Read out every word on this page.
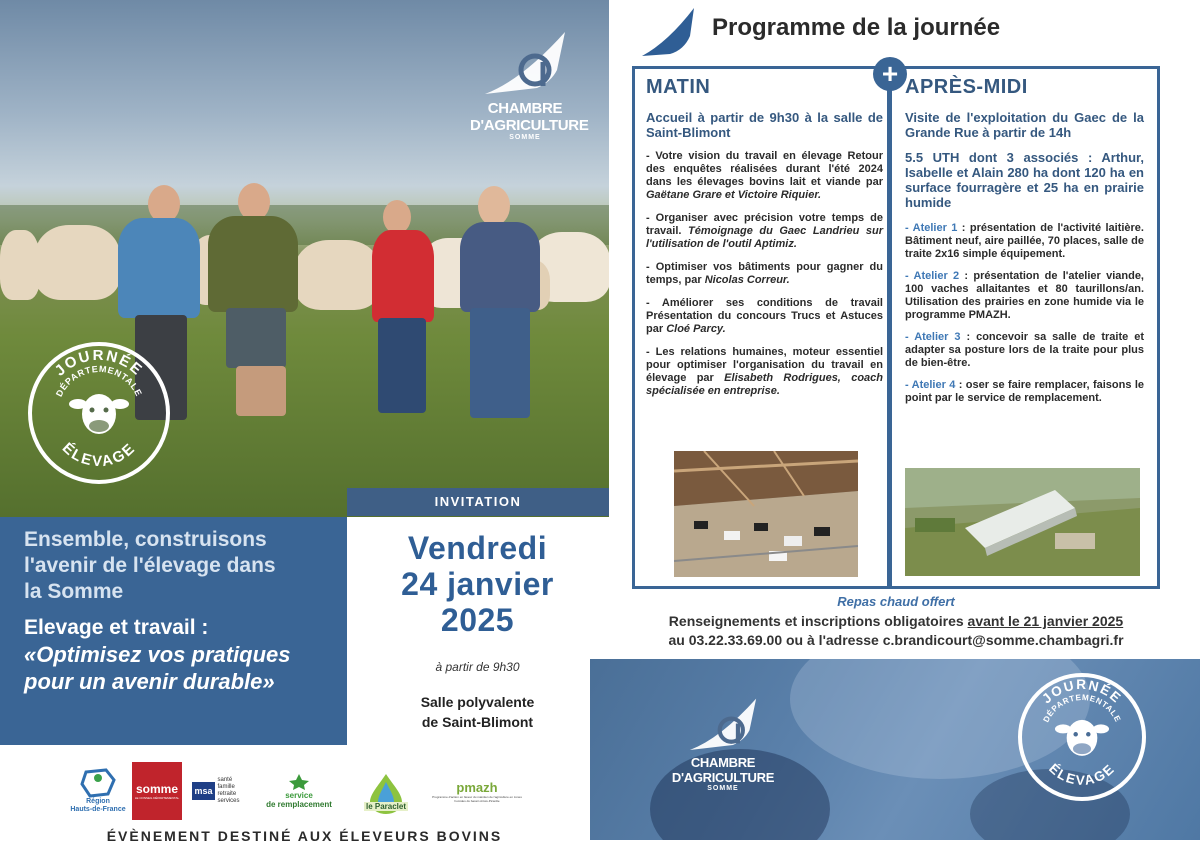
CHAMBRE
D'AGRICULTURE
SOMME
JOURNÉE
DÉPARTEMENTALE
ÉLEVAGE
INVITATION
Ensemble, construisons
l'avenir de l'élevage dans
la Somme
Elevage et travail :
«Optimisez vos pratiques
pour un avenir durable»
Vendredi
24 janvier
2025
à partir de 9h30
Salle polyvalente
de Saint-Blimont
Région
Hauts-de-France
somme
LE CONSEIL DÉPARTEMENTAL
msa
santé famille retraite services
service
de remplacement	le Paraclet
pmazh
Programme d'action en faveur du maintien de l'agriculture en zones humides du bassin Artois-Picardie
ÉVÈNEMENT DESTINÉ AUX ÉLEVEURS BOVINS
Programme de la journée
+
MATIN
Accueil à partir de 9h30 à la salle de Saint-Blimont
- Votre vision du travail en élevage Retour des enquêtes réalisées durant l'été 2024 dans les élevages bovins lait et viande par Gaëtane Grare et Victoire Riquier.
- Organiser avec précision votre temps de travail. Témoignage du Gaec Landrieu sur l'utilisation de l'outil Aptimiz.
- Optimiser vos bâtiments pour gagner du temps, par Nicolas Correur.
- Améliorer ses conditions de travail Présentation du concours Trucs et Astuces par Cloé Parcy.
- Les relations humaines, moteur essentiel pour optimiser l'organisation du travail en élevage par Elisabeth Rodrigues, coach spécialisée en entreprise.
APRÈS-MIDI
Visite de l'exploitation du Gaec de la Grande Rue à partir de 14h
5.5 UTH dont 3 associés : Arthur, Isabelle et Alain 280 ha dont 120 ha en surface fourragère et 25 ha en prairie humide
- Atelier 1 : présentation de l'activité laitière. Bâtiment neuf, aire paillée, 70 places, salle de traite 2x16 simple équipement.
- Atelier 2 : présentation de l'atelier viande, 100 vaches allaitantes et 80 taurillons/an. Utilisation des prairies en zone humide via le programme PMAZH.
- Atelier 3 : concevoir sa salle de traite et adapter sa posture lors de la traite pour plus de bien-être.
- Atelier 4 : oser se faire remplacer, faisons le point par le service de remplacement.
Repas chaud offert
Renseignements et inscriptions obligatoires avant le 21 janvier 2025
au 03.22.33.69.00 ou à l'adresse c.brandicourt@somme.chambagri.fr
CHAMBRE
D'AGRICULTURE
SOMME
JOURNÉE
DÉPARTEMENTALE
ÉLEVAGE
